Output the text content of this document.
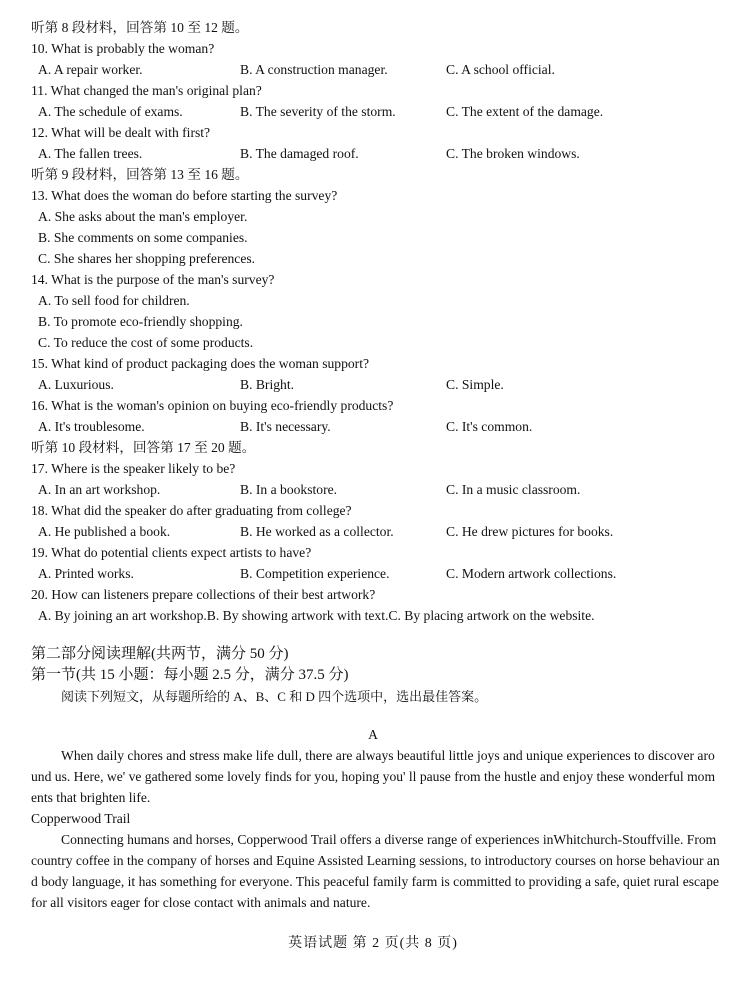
听第 8 段材料，回答第 10 至 12 题。
10. What is probably the woman?
A. A repair worker.	B. A construction manager.	C. A school official.
11. What changed the man's original plan?
A. The schedule of exams.	B. The severity of the storm.	C. The extent of the damage.
12. What will be dealt with first?
A. The fallen trees.	B. The damaged roof.	C. The broken windows.
听第 9 段材料，回答第 13 至 16 题。
13. What does the woman do before starting the survey?
A. She asks about the man's employer.
B. She comments on some companies.
C. She shares her shopping preferences.
14. What is the purpose of the man's survey?
A. To sell food for children.
B. To promote eco-friendly shopping.
C. To reduce the cost of some products.
15. What kind of product packaging does the woman support?
A. Luxurious.	B. Bright.	C. Simple.
16. What is the woman's opinion on buying eco-friendly products?
A. It's troublesome.	B. It's necessary.	C. It's common.
听第 10 段材料，回答第 17 至 20 题。
17. Where is the speaker likely to be?
A. In an art workshop.	B. In a bookstore.	C. In a music classroom.
18. What did the speaker do after graduating from college?
A. He published a book.	B. He worked as a collector.	C. He drew pictures for books.
19. What do potential clients expect artists to have?
A. Printed works.	B. Competition experience.	C. Modern artwork collections.
20. How can listeners prepare collections of their best artwork?
A. By joining an art workshop.B. By showing artwork with text.C. By placing artwork on the website.
第二部分阅读理解(共两节，满分 50 分)
第一节(共 15 小题：每小题 2.5 分，满分 37.5 分)
阅读下列短文，从每题所给的 A、B、C 和 D 四个选项中，选出最佳答案。
A
When daily chores and stress make life dull, there are always beautiful little joys and unique experiences to discover around us. Here, we' ve gathered some lovely finds for you, hoping you' ll pause from the hustle and enjoy these wonderful moments that brighten life.
Copperwood Trail
Connecting humans and horses, Copperwood Trail offers a diverse range of experiences inWhitchurch-Stouffville. From country coffee in the company of horses and Equine Assisted Learning sessions, to introductory courses on horse behaviour and body language, it has something for everyone. This peaceful family farm is committed to providing a safe, quiet rural escape for all visitors eager for close contact with animals and nature.
英语试题 第 2 页(共 8 页)
